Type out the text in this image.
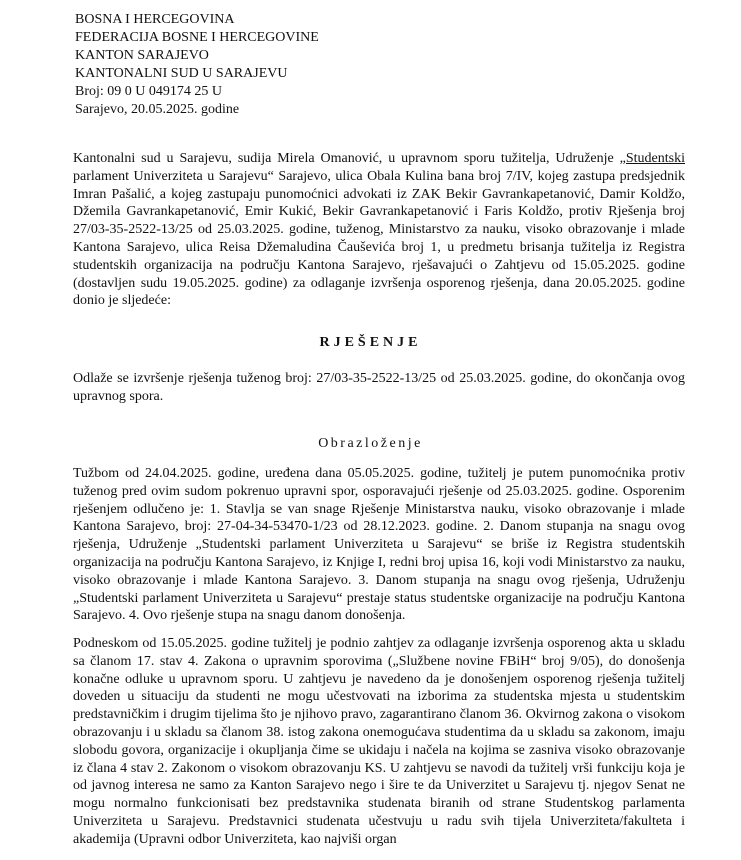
BOSNA I HERCEGOVINA
FEDERACIJA BOSNE I HERCEGOVINE
KANTON SARAJEVO
KANTONALNI SUD U SARAJEVU
Broj: 09 0 U 049174 25 U
Sarajevo, 20.05.2025. godine

Kantonalni sud u Sarajevu, sudija Mirela Omanović, u upravnom sporu tužitelja, Udruženje „Studentski parlament Univerziteta u Sarajevu“ Sarajevo, ulica Obala Kulina bana broj 7/IV, kojeg zastupa predsjednik Imran Pašalić, a kojeg zastupaju punomoćnici advokati iz ZAK Bekir Gavrankapetanović, Damir Koldžo, Džemila Gavrankapetanović, Emir Kukić, Bekir Gavrankapetanović i Faris Koldžo, protiv Rješenja broj 27/03-35-2522-13/25 od 25.03.2025. godine, tuženog, Ministarstvo za nauku, visoko obrazovanje i mlade Kantona Sarajevo, ulica Reisa Džemaludina Čauševića broj 1, u predmetu brisanja tužitelja iz Registra studentskih organizacija na području Kantona Sarajevo, rješavajući o Zahtjevu od 15.05.2025. godine (dostavljen sudu 19.05.2025. godine) za odlaganje izvršenja osporenog rješenja, dana 20.05.2025. godine donio je sljedeće:

RJEŠENJE

Odlaže se izvršenje rješenja tuženog broj: 27/03-35-2522-13/25 od 25.03.2025. godine, do okončanja ovog upravnog spora.

Obrazloženje

Tužbom od 24.04.2025. godine, uređena dana 05.05.2025. godine, tužitelj je putem punomoćnika protiv tuženog pred ovim sudom pokrenuo upravni spor, osporavajući rješenje od 25.03.2025. godine. Osporenim rješenjem odlučeno je: 1. Stavlja se van snage Rješenje Ministarstva nauku, visoko obrazovanje i mlade Kantona Sarajevo, broj: 27-04-34-53470-1/23 od 28.12.2023. godine. 2. Danom stupanja na snagu ovog rješenja, Udruženje „Studentski parlament Univerziteta u Sarajevu“ se briše iz Registra studentskih organizacija na području Kantona Sarajevo, iz Knjige I, redni broj upisa 16, koji vodi Ministarstvo za nauku, visoko obrazovanje i mlade Kantona Sarajevo. 3. Danom stupanja na snagu ovog rješenja, Udruženju „Studentski parlament Univerziteta u Sarajevu“ prestaje status studentske organizacije na području Kantona Sarajevo. 4. Ovo rješenje stupa na snagu danom donošenja.

Podneskom od 15.05.2025. godine tužitelj je podnio zahtjev za odlaganje izvršenja osporenog akta u skladu sa članom 17. stav 4. Zakona o upravnim sporovima („Službene novine FBiH“ broj 9/05), do donošenja konačne odluke u upravnom sporu. U zahtjevu je navedeno da je donošenjem osporenog rješenja tužitelj doveden u situaciju da studenti ne mogu učestvovati na izborima za studentska mjesta u studentskim predstavničkim i drugim tijelima što je njihovo pravo, zagarantirano članom 36. Okvirnog zakona o visokom obrazovanju i u skladu sa članom 38. istog zakona onemogućava studentima da u skladu sa zakonom, imaju slobodu govora, organizacije i okupljanja čime se ukidaju i načela na kojima se zasniva visoko obrazovanje iz člana 4 stav 2. Zakonom o visokom obrazovanju KS. U zahtjevu se navodi da tužitelj vrši funkciju koja je od javnog interesa ne samo za Kanton Sarajevo nego i šire te da Univerzitet u Sarajevu tj. njegov Senat ne mogu normalno funkcionisati bez predstavnika studenata biranih od strane Studentskog parlamenta Univerziteta u Sarajevu. Predstavnici studenata učestvuju u radu svih tijela Univerziteta/fakulteta i akademija (Upravni odbor Univerziteta, kao najviši organ
